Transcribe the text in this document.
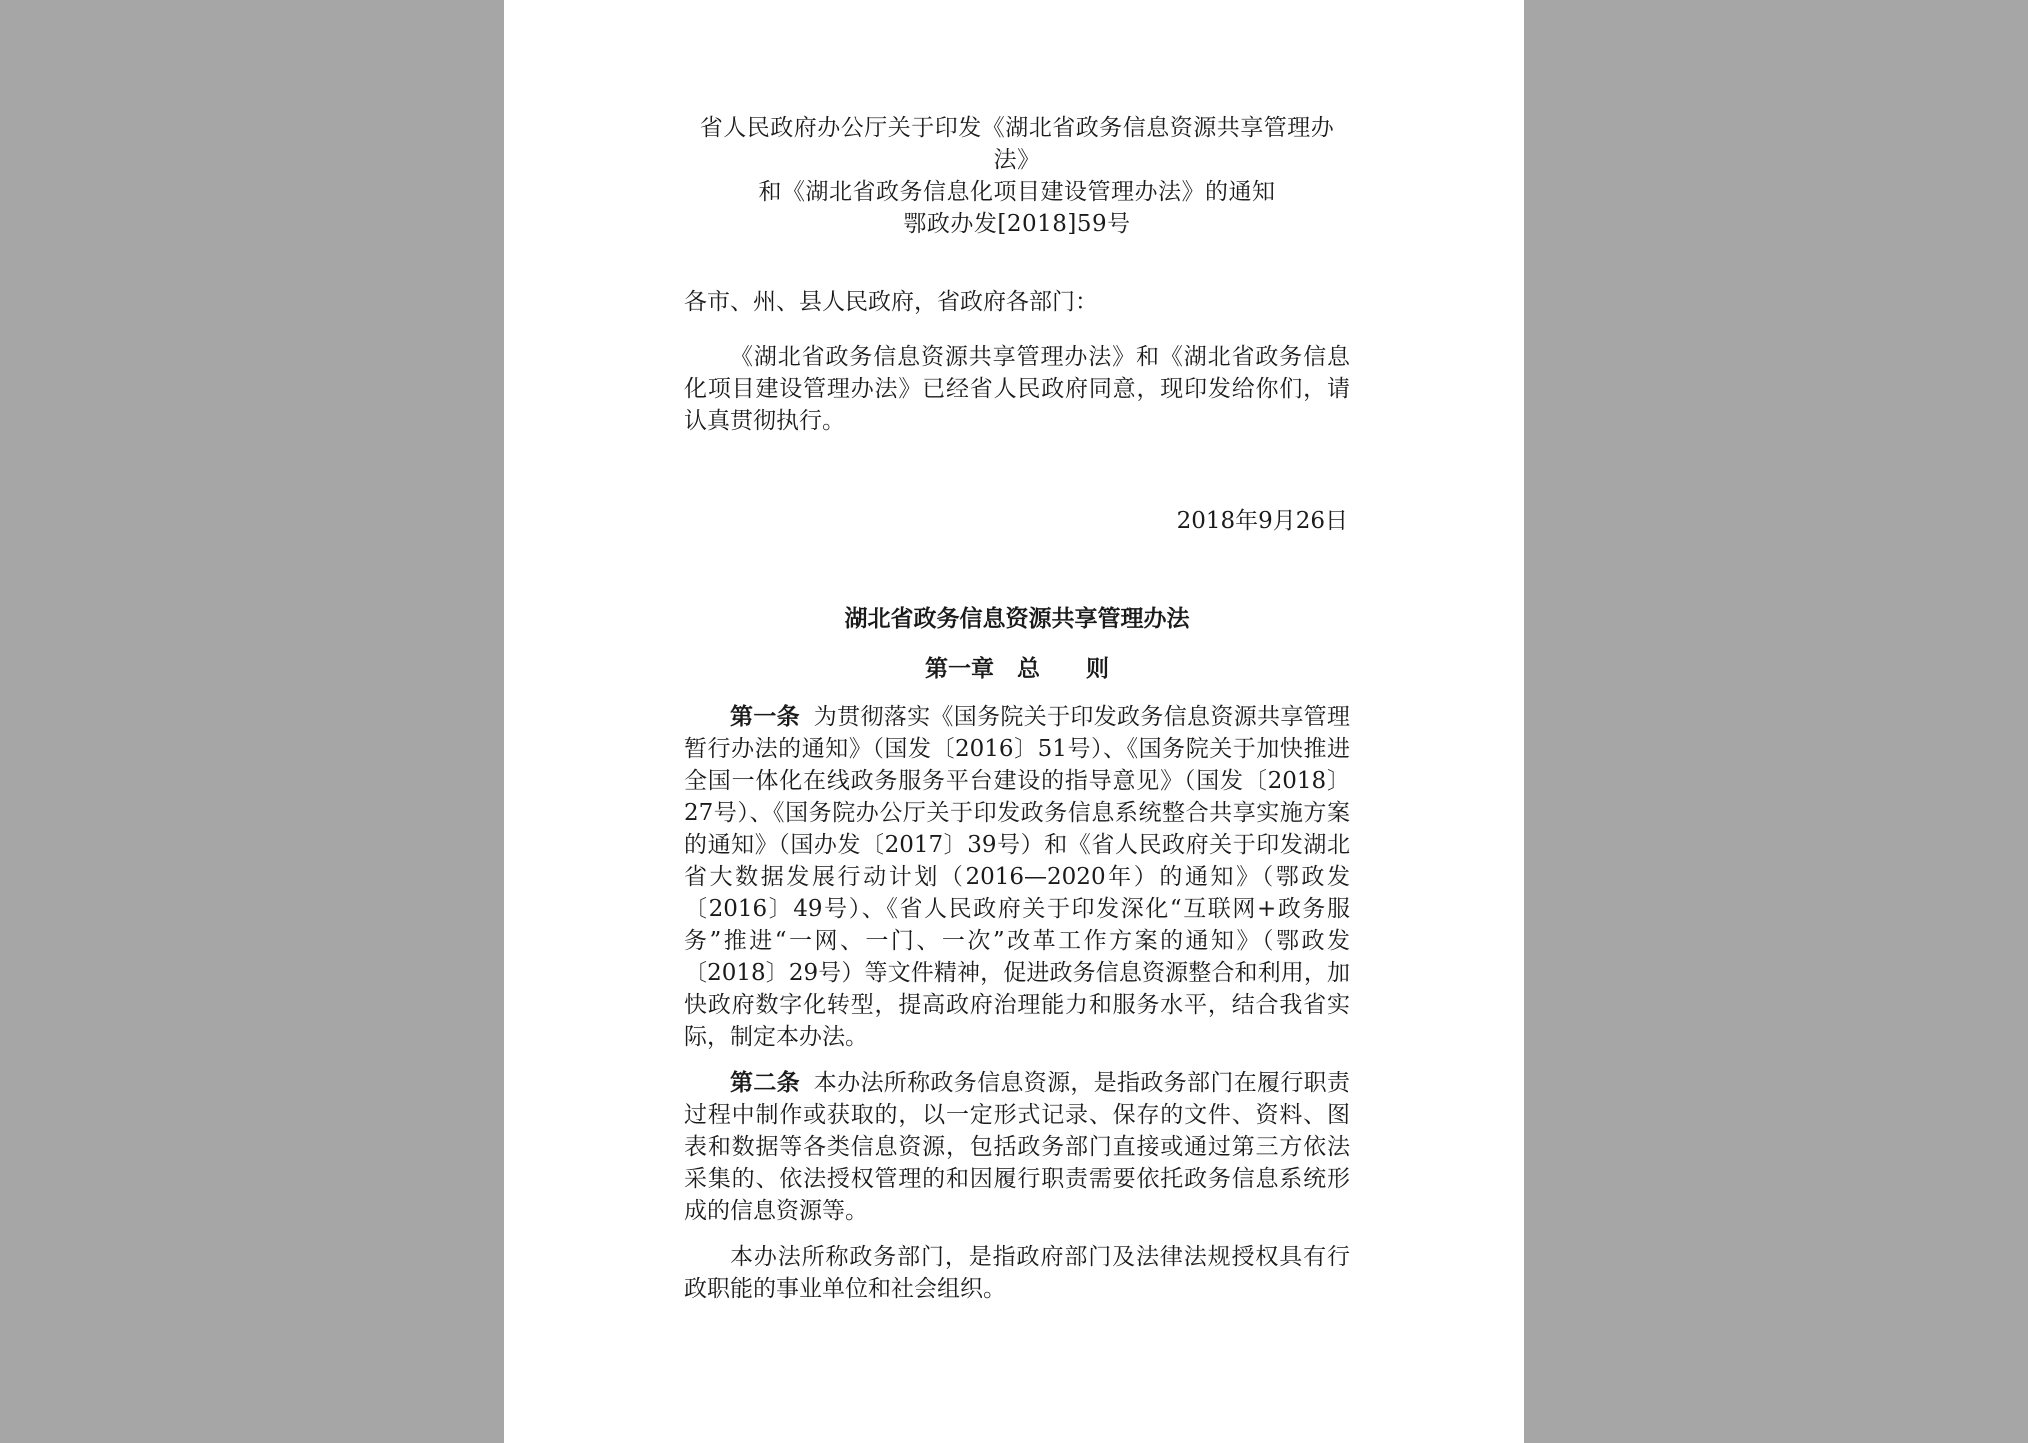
省人民政府办公厅关于印发《湖北省政务信息资源共享管理办法》
和《湖北省政务信息化项目建设管理办法》的通知
鄂政办发[2018]59号

各市、州、县人民政府，省政府各部门：

《湖北省政务信息资源共享管理办法》和《湖北省政务信息化项目建设管理办法》已经省人民政府同意，现印发给你们，请认真贯彻执行。

2018年9月26日
湖北省政务信息资源共享管理办法
第一章　总　　则

第一条 为贯彻落实《国务院关于印发政务信息资源共享管理暂行办法的通知》（国发〔2016〕51号）、《国务院关于加快推进全国一体化在线政务服务平台建设的指导意见》（国发〔2018〕27号）、《国务院办公厅关于印发政务信息系统整合共享实施方案的通知》（国办发〔2017〕39号）和《省人民政府关于印发湖北省大数据发展行动计划（2016—2020年）的通知》（鄂政发〔2016〕49号）、《省人民政府关于印发深化“互联网+政务服务”推进“一网、一门、一次”改革工作方案的通知》（鄂政发〔2018〕29号）等文件精神，促进政务信息资源整合和利用，加快政府数字化转型，提高政府治理能力和服务水平，结合我省实际，制定本办法。

第二条 本办法所称政务信息资源，是指政务部门在履行职责过程中制作或获取的，以一定形式记录、保存的文件、资料、图表和数据等各类信息资源，包括政务部门直接或通过第三方依法采集的、依法授权管理的和因履行职责需要依托政务信息系统形成的信息资源等。

本办法所称政务部门，是指政府部门及法律法规授权具有行政职能的事业单位和社会组织。
